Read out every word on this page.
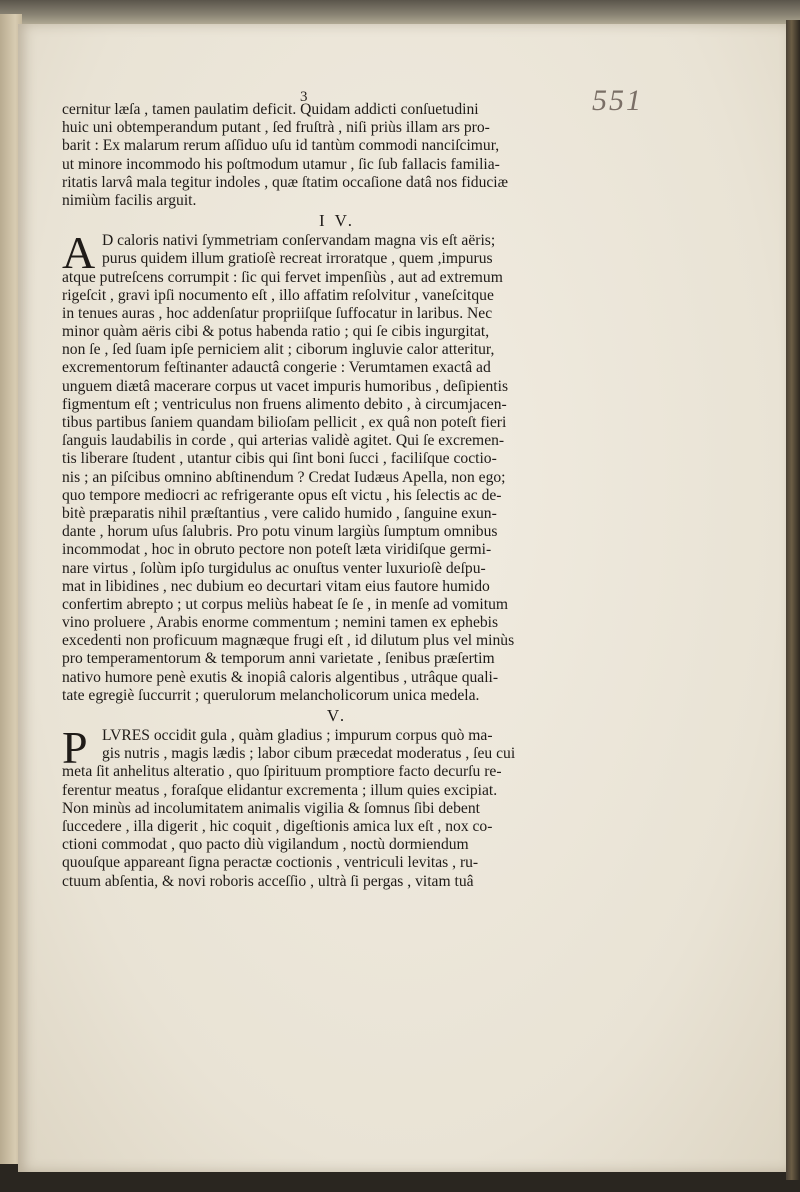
551
3
cernitur læſa , tamen paulatim deficit. Quidam addicti conſuetudini
huic uni obtemperandum putant , ſed fruſtrà , niſi priùs illam ars pro-
barit : Ex malarum rerum aſſiduo uſu id tantùm commodi nanciſcimur,
ut minore incommodo his poſtmodum utamur , ſic ſub fallacis familia-
ritatis larvâ mala tegitur indoles , quæ ſtatim occaſione datâ nos fiduciæ
nimiùm facilis arguit.
I V.
A D caloris nativi ſymmetriam conſervandam magna vis eſt aëris;
purus quidem illum gratioſè recreat irroratque , quem ,impurus
atque putreſcens corrumpit : ſic qui fervet impenſiùs , aut ad extremum
rigeſcit , gravi ipſi nocumento eſt , illo affatim reſolvitur , vaneſcitque
in tenues auras , hoc addenſatur propriiſque ſuffocatur in laribus. Nec
minor quàm aëris cibi & potus habenda ratio ; qui ſe cibis ingurgitat,
non ſe , ſed ſuam ipſe perniciem alit ; ciborum ingluvie calor atteritur,
excrementorum feſtinanter adauctâ congerie : Verumtamen exactâ ad
unguem diætâ macerare corpus ut vacet impuris humoribus , deſipientis
figmentum eſt ; ventriculus non fruens alimento debito , à circumjacen-
tibus partibus ſaniem quandam bilioſam pellicit , ex quâ non poteſt fieri
ſanguis laudabilis in corde , qui arterias validè agitet. Qui ſe excremen-
tis liberare ſtudent , utantur cibis qui ſint boni ſucci , faciliſque coctio-
nis ; an piſcibus omnino abſtinendum ? Credat Iudæus Apella, non ego;
quo tempore mediocri ac refrigerante opus eſt victu , his ſelectis ac de-
bitè præparatis nihil præſtantius , vere calido humido , ſanguine exun-
dante , horum uſus ſalubris. Pro potu vinum largiùs ſumptum omnibus
incommodat , hoc in obruto pectore non poteſt læta viridiſque germi-
nare virtus , ſolùm ipſo turgidulus ac onuſtus venter luxurioſè deſpu-
mat in libidines , nec dubium eo decurtari vitam eius fautore humido
confertim abrepto ; ut corpus meliùs habeat ſe ſe , in menſe ad vomitum
vino proluere , Arabis enorme commentum ; nemini tamen ex ephebis
excedenti non proficuum magnæque frugi eſt , id dilutum plus vel minùs
pro temperamentorum & temporum anni varietate , ſenibus præſertim
nativo humore penè exutis & inopiâ caloris algentibus , utrâque quali-
tate egregiè ſuccurrit ; querulorum melancholicorum unica medela.
V.
P LVRES occidit gula , quàm gladius ; impurum corpus quò ma-
gis nutris , magis lædis ; labor cibum præcedat moderatus , ſeu cui
meta ſit anhelitus alteratio , quo ſpirituum promptiore facto decurſu re-
ferentur meatus , foraſque elidantur excrementa ; illum quies excipiat.
Non minùs ad incolumitatem animalis vigilia & ſomnus ſibi debent
ſuccedere , illa digerit , hic coquit , digeſtionis amica lux eſt , nox co-
ctioni commodat , quo pacto diù vigilandum , noctù dormiendum
quouſque appareant ſigna peractæ coctionis , ventriculi levitas , ru-
ctuum abſentia, & novi roboris acceſſio , ultrà ſi pergas , vitam tuâ
